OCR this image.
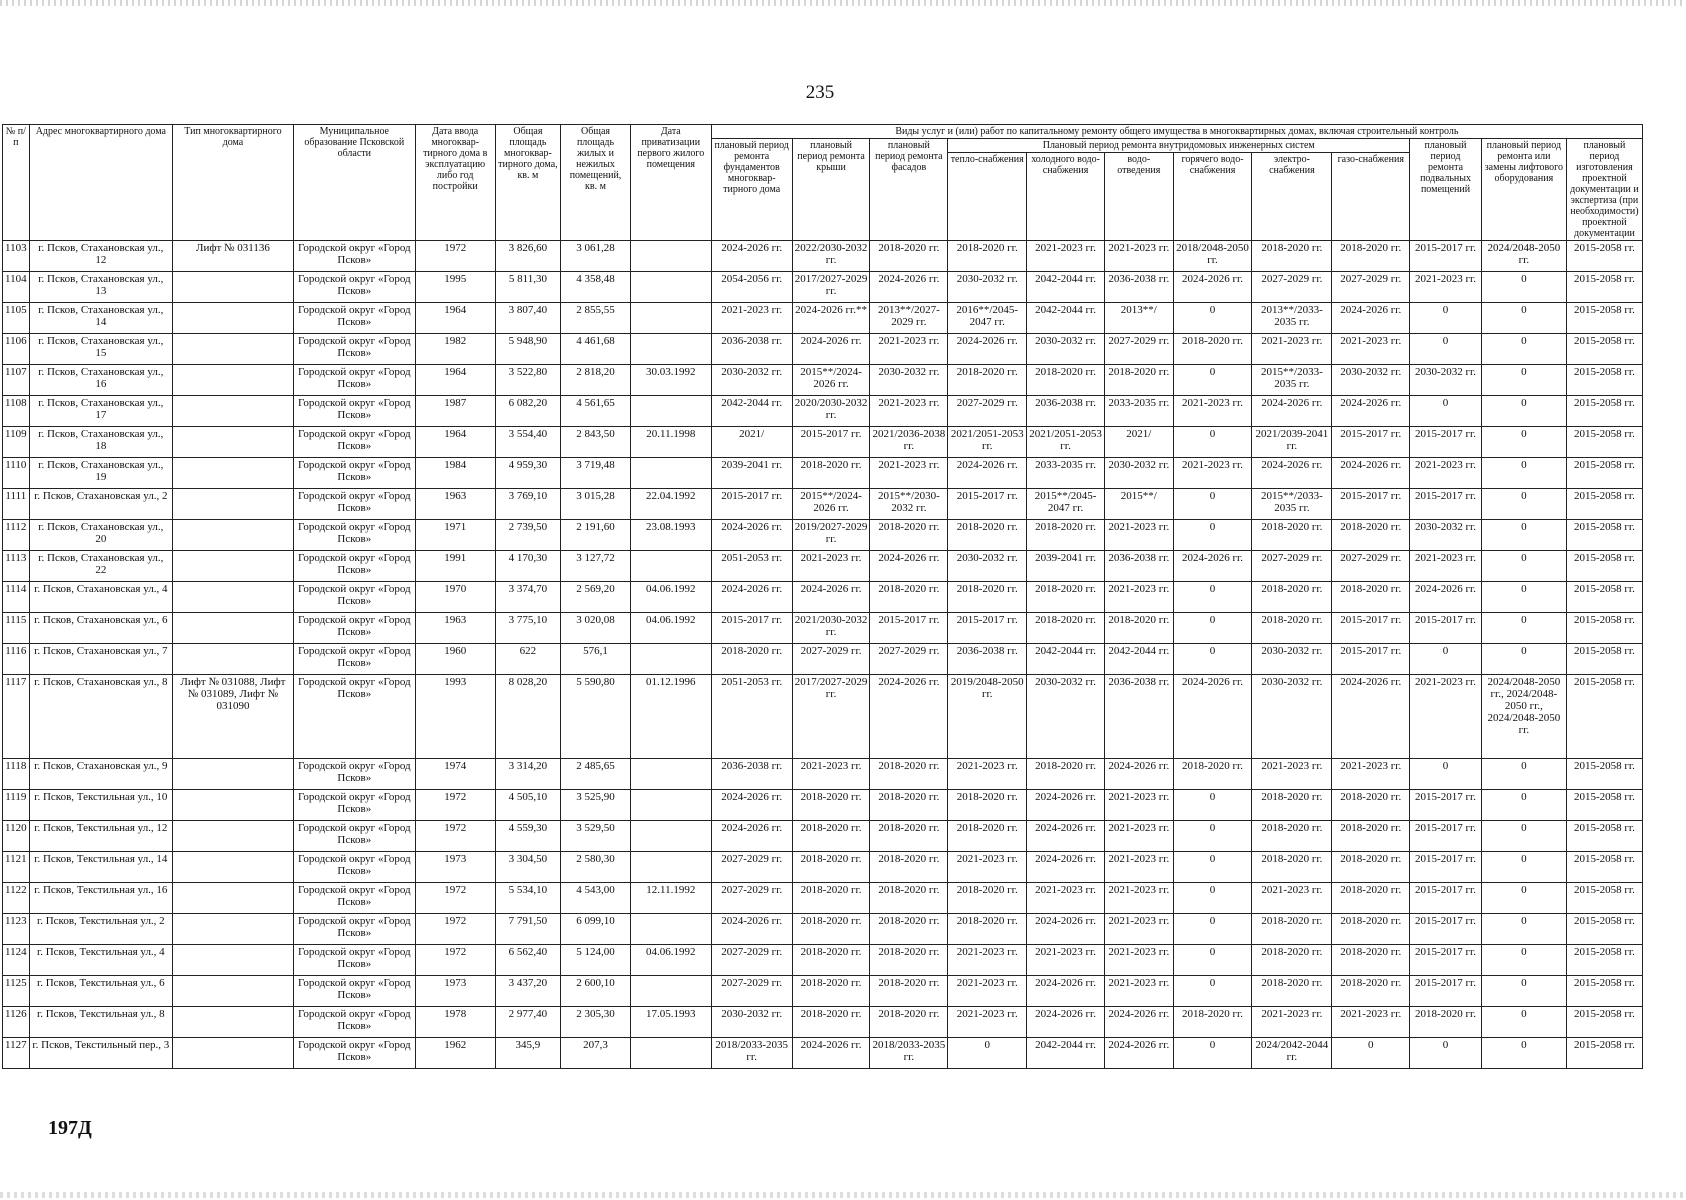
235
№ п/п	Адрес многоквартирного дома	Тип многоквартирного дома	Муниципальное образование Псковской области	Дата ввода многоквар-тирного дома в эксплуатацию либо год постройки	Общая площадь многоквар-тирного дома, кв. м	Общая площадь жилых и нежилых помещений, кв. м	Дата приватизации первого жилого помещения	Виды услуг и (или) работ по капитальному ремонту общего имущества в многоквартирных домах, включая строительный контроль											
								плановый период ремонта фундаментов многоквар-тирного дома	плановый период ремонта крыши	плановый период ремонта фасадов	Плановый период ремонта внутридомовых инженерных систем						плановый период ремонта подвальных помещений	плановый период ремонта или замены лифтового оборудования	плановый период изготовления проектной документации и экспертиза (при необходимости) проектной документации
											тепло-снабжения	холодного водо-снабжения	водо-отведения	горячего водо-снабжения	электро-снабжения	газо-снабжения			
1103	г. Псков, Стахановская ул., 12	Лифт № 031136	Городской округ «Город Псков»	1972	3 826,60	3 061,28		2024-2026 гг.	2022/2030-2032 гг.	2018-2020 гг.	2018-2020 гг.	2021-2023 гг.	2021-2023 гг.	2018/2048-2050 гг.	2018-2020 гг.	2018-2020 гг.	2015-2017 гг.	2024/2048-2050 гг.	2015-2058 гг.
1104	г. Псков, Стахановская ул., 13		Городской округ «Город Псков»	1995	5 811,30	4 358,48		2054-2056 гг.	2017/2027-2029 гг.	2024-2026 гг.	2030-2032 гг.	2042-2044 гг.	2036-2038 гг.	2024-2026 гг.	2027-2029 гг.	2027-2029 гг.	2021-2023 гг.	0	2015-2058 гг.
1105	г. Псков, Стахановская ул., 14		Городской округ «Город Псков»	1964	3 807,40	2 855,55		2021-2023 гг.	2024-2026 гг.**	2013**/2027-2029 гг.	2016**/2045-2047 гг.	2042-2044 гг.	2013**/	0	2013**/2033-2035 гг.	2024-2026 гг.	0	0	2015-2058 гг.
1106	г. Псков, Стахановская ул., 15		Городской округ «Город Псков»	1982	5 948,90	4 461,68		2036-2038 гг.	2024-2026 гг.	2021-2023 гг.	2024-2026 гг.	2030-2032 гг.	2027-2029 гг.	2018-2020 гг.	2021-2023 гг.	2021-2023 гг.	0	0	2015-2058 гг.
1107	г. Псков, Стахановская ул., 16		Городской округ «Город Псков»	1964	3 522,80	2 818,20	30.03.1992	2030-2032 гг.	2015**/2024-2026 гг.	2030-2032 гг.	2018-2020 гг.	2018-2020 гг.	2018-2020 гг.	0	2015**/2033-2035 гг.	2030-2032 гг.	2030-2032 гг.	0	2015-2058 гг.
1108	г. Псков, Стахановская ул., 17		Городской округ «Город Псков»	1987	6 082,20	4 561,65		2042-2044 гг.	2020/2030-2032 гг.	2021-2023 гг.	2027-2029 гг.	2036-2038 гг.	2033-2035 гг.	2021-2023 гг.	2024-2026 гг.	2024-2026 гг.	0	0	2015-2058 гг.
1109	г. Псков, Стахановская ул., 18		Городской округ «Город Псков»	1964	3 554,40	2 843,50	20.11.1998	2021/	2015-2017 гг.	2021/2036-2038 гг.	2021/2051-2053 гг.	2021/2051-2053 гг.	2021/	0	2021/2039-2041 гг.	2015-2017 гг.	2015-2017 гг.	0	2015-2058 гг.
1110	г. Псков, Стахановская ул., 19		Городской округ «Город Псков»	1984	4 959,30	3 719,48		2039-2041 гг.	2018-2020 гг.	2021-2023 гг.	2024-2026 гг.	2033-2035 гг.	2030-2032 гг.	2021-2023 гг.	2024-2026 гг.	2024-2026 гг.	2021-2023 гг.	0	2015-2058 гг.
1111	г. Псков, Стахановская ул., 2		Городской округ «Город Псков»	1963	3 769,10	3 015,28	22.04.1992	2015-2017 гг.	2015**/2024-2026 гг.	2015**/2030-2032 гг.	2015-2017 гг.	2015**/2045-2047 гг.	2015**/	0	2015**/2033-2035 гг.	2015-2017 гг.	2015-2017 гг.	0	2015-2058 гг.
1112	г. Псков, Стахановская ул., 20		Городской округ «Город Псков»	1971	2 739,50	2 191,60	23.08.1993	2024-2026 гг.	2019/2027-2029 гг.	2018-2020 гг.	2018-2020 гг.	2018-2020 гг.	2021-2023 гг.	0	2018-2020 гг.	2018-2020 гг.	2030-2032 гг.	0	2015-2058 гг.
1113	г. Псков, Стахановская ул., 22		Городской округ «Город Псков»	1991	4 170,30	3 127,72		2051-2053 гг.	2021-2023 гг.	2024-2026 гг.	2030-2032 гг.	2039-2041 гг.	2036-2038 гг.	2024-2026 гг.	2027-2029 гг.	2027-2029 гг.	2021-2023 гг.	0	2015-2058 гг.
1114	г. Псков, Стахановская ул., 4		Городской округ «Город Псков»	1970	3 374,70	2 569,20	04.06.1992	2024-2026 гг.	2024-2026 гг.	2018-2020 гг.	2018-2020 гг.	2018-2020 гг.	2021-2023 гг.	0	2018-2020 гг.	2018-2020 гг.	2024-2026 гг.	0	2015-2058 гг.
1115	г. Псков, Стахановская ул., 6		Городской округ «Город Псков»	1963	3 775,10	3 020,08	04.06.1992	2015-2017 гг.	2021/2030-2032 гг.	2015-2017 гг.	2015-2017 гг.	2018-2020 гг.	2018-2020 гг.	0	2018-2020 гг.	2015-2017 гг.	2015-2017 гг.	0	2015-2058 гг.
1116	г. Псков, Стахановская ул., 7		Городской округ «Город Псков»	1960	622	576,1		2018-2020 гг.	2027-2029 гг.	2027-2029 гг.	2036-2038 гг.	2042-2044 гг.	2042-2044 гг.	0	2030-2032 гг.	2015-2017 гг.	0	0	2015-2058 гг.
1117	г. Псков, Стахановская ул., 8	Лифт № 031088, Лифт № 031089, Лифт № 031090	Городской округ «Город Псков»	1993	8 028,20	5 590,80	01.12.1996	2051-2053 гг.	2017/2027-2029 гг.	2024-2026 гг.	2019/2048-2050 гг.	2030-2032 гг.	2036-2038 гг.	2024-2026 гг.	2030-2032 гг.	2024-2026 гг.	2021-2023 гг.	2024/2048-2050 гг., 2024/2048-2050 гг., 2024/2048-2050 гг.	2015-2058 гг.
1118	г. Псков, Стахановская ул., 9		Городской округ «Город Псков»	1974	3 314,20	2 485,65		2036-2038 гг.	2021-2023 гг.	2018-2020 гг.	2021-2023 гг.	2018-2020 гг.	2024-2026 гг.	2018-2020 гг.	2021-2023 гг.	2021-2023 гг.	0	0	2015-2058 гг.
1119	г. Псков, Текстильная ул., 10		Городской округ «Город Псков»	1972	4 505,10	3 525,90		2024-2026 гг.	2018-2020 гг.	2018-2020 гг.	2018-2020 гг.	2024-2026 гг.	2021-2023 гг.	0	2018-2020 гг.	2018-2020 гг.	2015-2017 гг.	0	2015-2058 гг.
1120	г. Псков, Текстильная ул., 12		Городской округ «Город Псков»	1972	4 559,30	3 529,50		2024-2026 гг.	2018-2020 гг.	2018-2020 гг.	2018-2020 гг.	2024-2026 гг.	2021-2023 гг.	0	2018-2020 гг.	2018-2020 гг.	2015-2017 гг.	0	2015-2058 гг.
1121	г. Псков, Текстильная ул., 14		Городской округ «Город Псков»	1973	3 304,50	2 580,30		2027-2029 гг.	2018-2020 гг.	2018-2020 гг.	2021-2023 гг.	2024-2026 гг.	2021-2023 гг.	0	2018-2020 гг.	2018-2020 гг.	2015-2017 гг.	0	2015-2058 гг.
1122	г. Псков, Текстильная ул., 16		Городской округ «Город Псков»	1972	5 534,10	4 543,00	12.11.1992	2027-2029 гг.	2018-2020 гг.	2018-2020 гг.	2018-2020 гг.	2021-2023 гг.	2021-2023 гг.	0	2021-2023 гг.	2018-2020 гг.	2015-2017 гг.	0	2015-2058 гг.
1123	г. Псков, Текстильная ул., 2		Городской округ «Город Псков»	1972	7 791,50	6 099,10		2024-2026 гг.	2018-2020 гг.	2018-2020 гг.	2018-2020 гг.	2024-2026 гг.	2021-2023 гг.	0	2018-2020 гг.	2018-2020 гг.	2015-2017 гг.	0	2015-2058 гг.
1124	г. Псков, Текстильная ул., 4		Городской округ «Город Псков»	1972	6 562,40	5 124,00	04.06.1992	2027-2029 гг.	2018-2020 гг.	2018-2020 гг.	2021-2023 гг.	2021-2023 гг.	2021-2023 гг.	0	2018-2020 гг.	2018-2020 гг.	2015-2017 гг.	0	2015-2058 гг.
1125	г. Псков, Текстильная ул., 6		Городской округ «Город Псков»	1973	3 437,20	2 600,10		2027-2029 гг.	2018-2020 гг.	2018-2020 гг.	2021-2023 гг.	2024-2026 гг.	2021-2023 гг.	0	2018-2020 гг.	2018-2020 гг.	2015-2017 гг.	0	2015-2058 гг.
1126	г. Псков, Текстильная ул., 8		Городской округ «Город Псков»	1978	2 977,40	2 305,30	17.05.1993	2030-2032 гг.	2018-2020 гг.	2018-2020 гг.	2021-2023 гг.	2024-2026 гг.	2024-2026 гг.	2018-2020 гг.	2021-2023 гг.	2021-2023 гг.	2018-2020 гг.	0	2015-2058 гг.
1127	г. Псков, Текстильный пер., 3		Городской округ «Город Псков»	1962	345,9	207,3		2018/2033-2035 гг.	2024-2026 гг.	2018/2033-2035 гг.	0	2042-2044 гг.	2024-2026 гг.	0	2024/2042-2044 гг.	0	0	0	2015-2058 гг.
197Д
